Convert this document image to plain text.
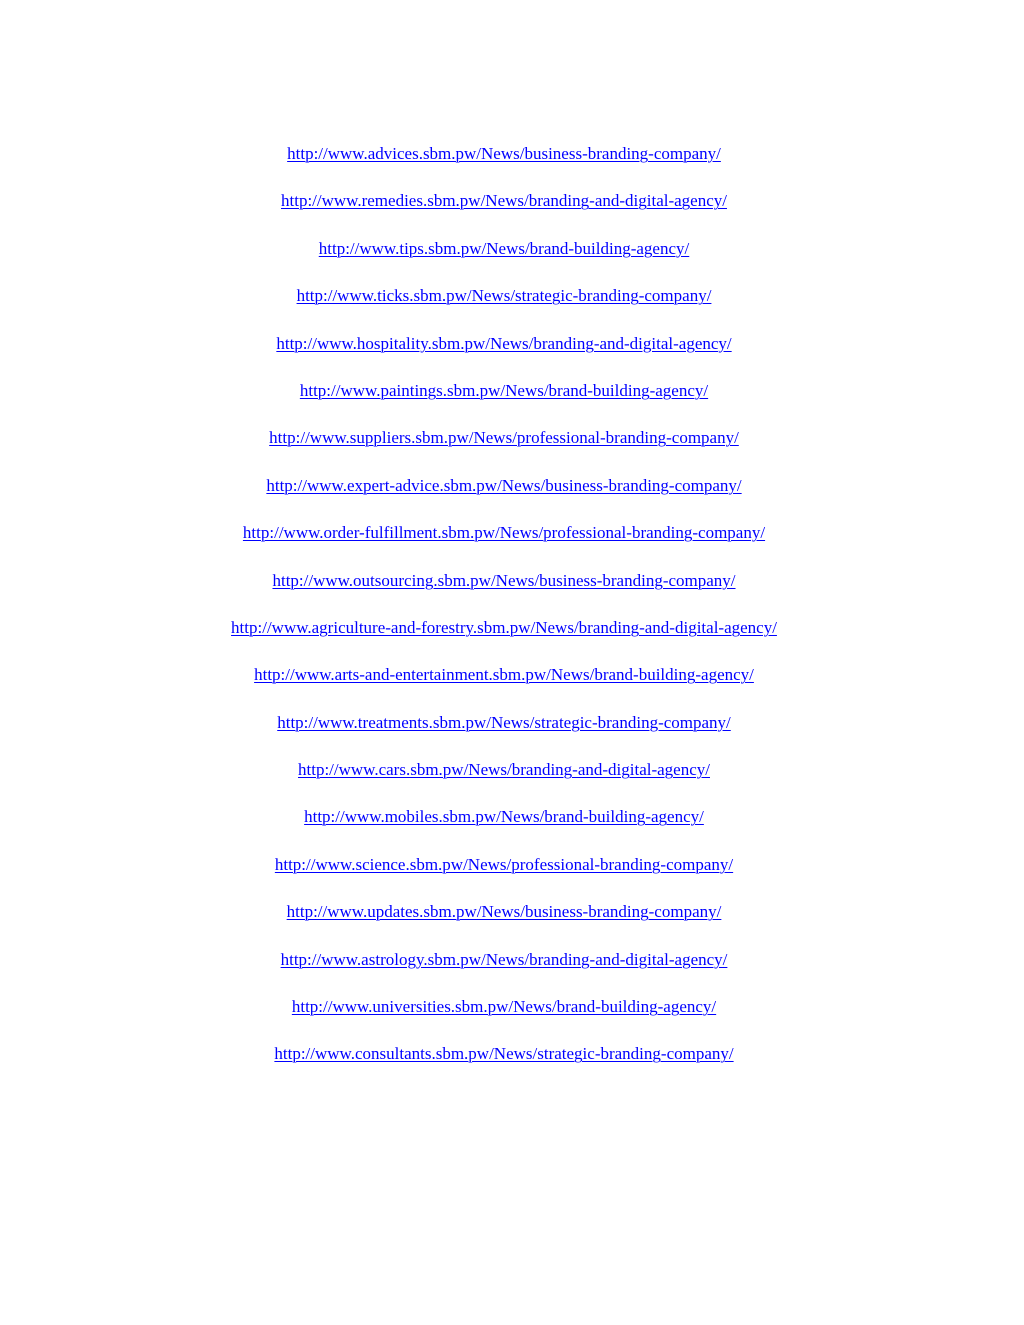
http://www.advices.sbm.pw/News/business-branding-company/
http://www.remedies.sbm.pw/News/branding-and-digital-agency/
http://www.tips.sbm.pw/News/brand-building-agency/
http://www.ticks.sbm.pw/News/strategic-branding-company/
http://www.hospitality.sbm.pw/News/branding-and-digital-agency/
http://www.paintings.sbm.pw/News/brand-building-agency/
http://www.suppliers.sbm.pw/News/professional-branding-company/
http://www.expert-advice.sbm.pw/News/business-branding-company/
http://www.order-fulfillment.sbm.pw/News/professional-branding-company/
http://www.outsourcing.sbm.pw/News/business-branding-company/
http://www.agriculture-and-forestry.sbm.pw/News/branding-and-digital-agency/
http://www.arts-and-entertainment.sbm.pw/News/brand-building-agency/
http://www.treatments.sbm.pw/News/strategic-branding-company/
http://www.cars.sbm.pw/News/branding-and-digital-agency/
http://www.mobiles.sbm.pw/News/brand-building-agency/
http://www.science.sbm.pw/News/professional-branding-company/
http://www.updates.sbm.pw/News/business-branding-company/
http://www.astrology.sbm.pw/News/branding-and-digital-agency/
http://www.universities.sbm.pw/News/brand-building-agency/
http://www.consultants.sbm.pw/News/strategic-branding-company/
